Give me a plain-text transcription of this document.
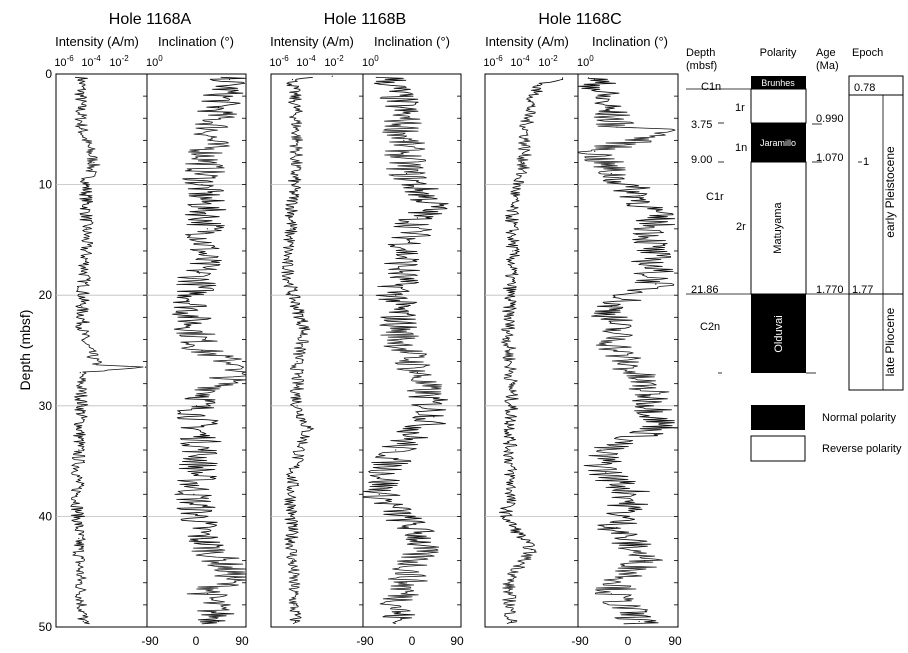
Hole 1168A
Intensity (A/m) Inclination (°)
$10^{-6}$ $10^{-4}$ $10^{-2}$ $10^0$
-90	0	90
Hole 1168B
Intensity (A/m) Inclination (°)
$10^{-6}$ $10^{-4}$ $10^{-2}$ $10^0$
-90	0	90
Hole 1168C
Intensity (A/m) Inclination (°)
$10^{-6}$ $10^{-4}$ $10^{-2}$ $10^0$
-90	0	90
Depth (mbsf)
0
10
20
30
40
50
Depth
(mbsf)
Polarity Age
(Ma)
Epoch
Brunhes
Jaramillo
Matuyama
Olduvai
C1n
1r
1n
C1r
2r
C2n
3.75
9.00
21.86
0.990
1.070
1.770
0.78
1
1.77
early Pleistocene
late Pliocene
Normal polarity
Reverse polarity
